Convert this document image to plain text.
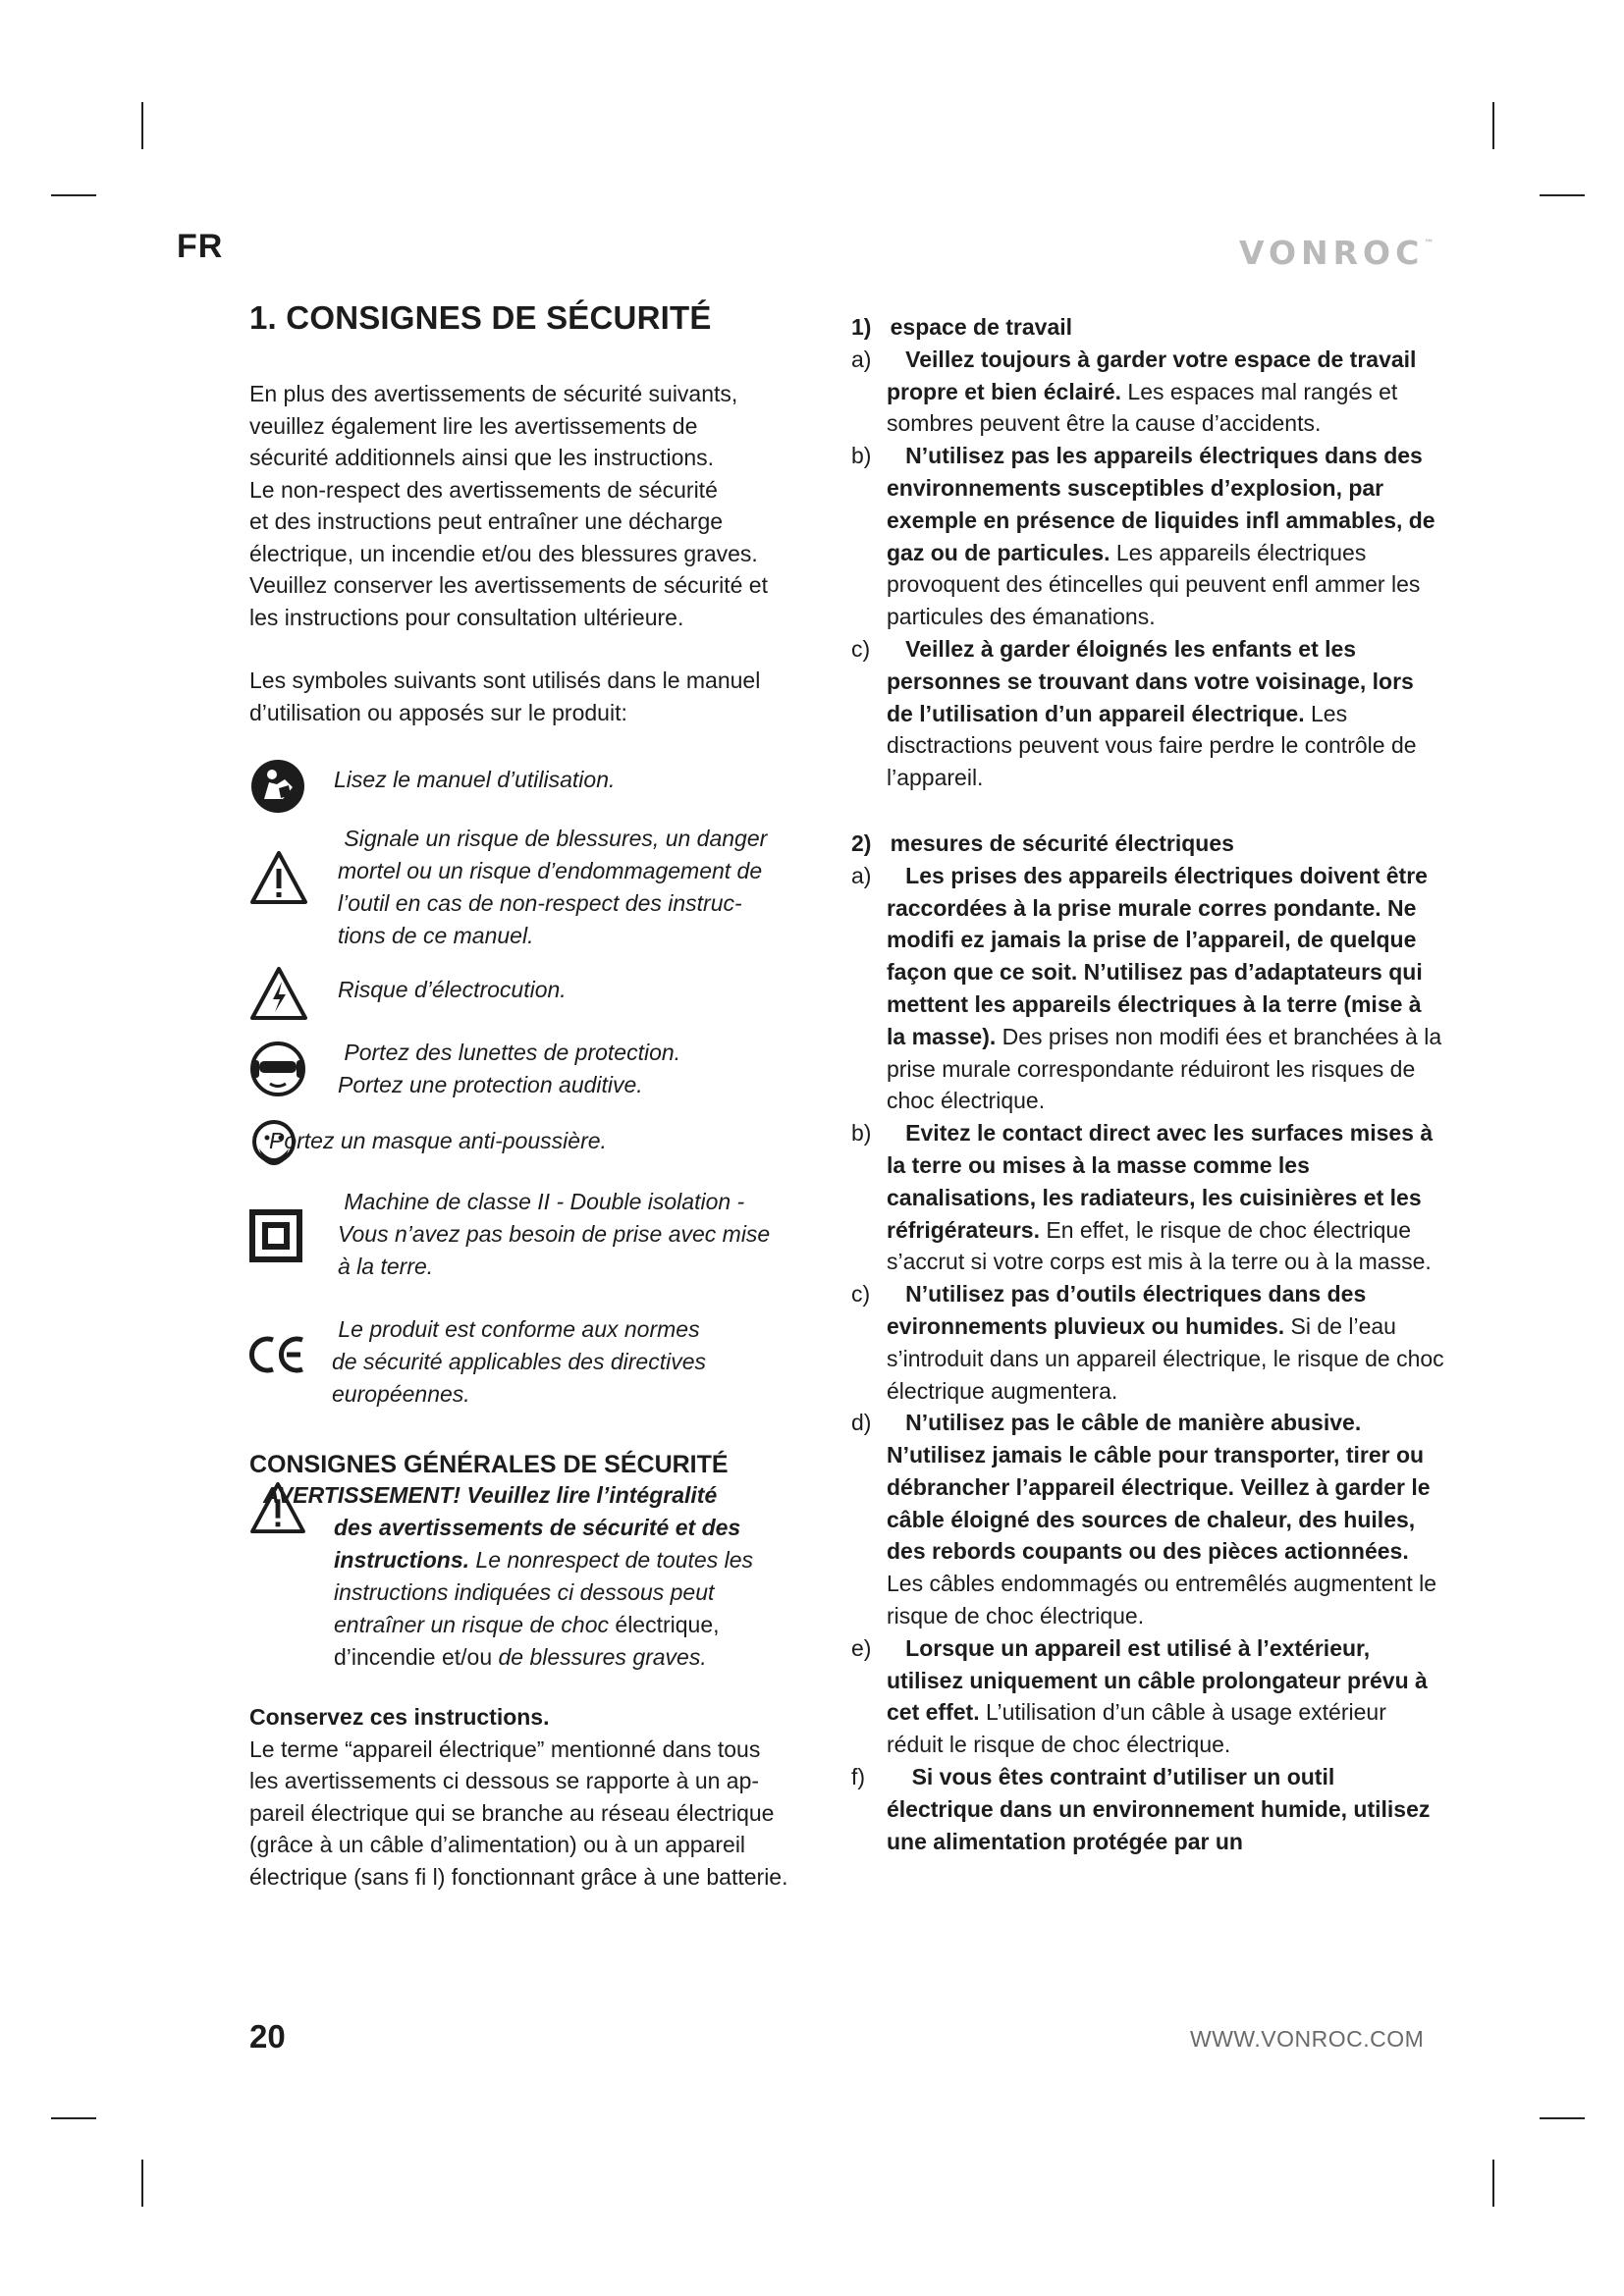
FR	VONROC™
1. CONSIGNES DE SÉCURITÉ

En plus des avertissements de sécurité suivants,

veuillez également lire les avertissements de

sécurité additionnels ainsi que les instructions.

Le non-respect des avertissements de sécurité

et des instructions peut entraîner une décharge

électrique, un incendie et/ou des blessures graves.

Veuillez conserver les avertissements de sécurité et

les instructions pour consultation ultérieure.

Les symboles suivants sont utilisés dans le manuel

d’utilisation ou apposés sur le produit:

Lisez le manuel d’utilisation.
Signale un risque de blessures, un danger
mortel ou un risque d’endommagement de
l’outil en cas de non-respect des instruc-
tions de ce manuel.
Risque d’électrocution.
Portez des lunettes de protection.
Portez une protection auditive.
Portez un masque anti-poussière.
Machine de classe II - Double isolation -
Vous n’avez pas besoin de prise avec mise
à la terre.
Le produit est conforme aux normes
de sécurité applicables des directives
européennes.
CONSIGNES GÉNÉRALES DE SÉCURITÉ
AVERTISSEMENT! Veuillez lire l’intégralité
des avertissements de sécurité et des
instructions. Le nonrespect de toutes les
instructions indiquées ci dessous peut
entraîner un risque de choc électrique,
d’incendie et/ou de blessures graves.

Conservez ces instructions.

Le terme “appareil électrique” mentionné dans tous

les avertissements ci dessous se rapporte à un ap-

pareil électrique qui se branche au réseau électrique

(grâce à un câble d’alimentation) ou à un appareil

électrique (sans fi l) fonctionnant grâce à une batterie.

1)   espace de travail

a) Veillez toujours à garder votre espace de travail propre et bien éclairé. Les espaces mal rangés et sombres peuvent être la cause d’accidents.
b) N’utilisez pas les appareils électriques dans des environnements susceptibles d’explosion, par exemple en présence de liquides infl ammables, de gaz ou de particules. Les appareils électriques provoquent des étincelles qui peuvent enfl ammer les particules des émanations.
c) Veillez à garder éloignés les enfants et les personnes se trouvant dans votre voisinage, lors de l’utilisation d’un appareil électrique. Les disctractions peuvent vous faire perdre le contrôle de l’appareil.

2)   mesures de sécurité électriques

a) Les prises des appareils électriques doivent être raccordées à la prise murale corres pondante. Ne modifi ez jamais la prise de l’appareil, de quelque façon que ce soit. N’utilisez pas d’adaptateurs qui mettent les appareils électriques à la terre (mise à la masse). Des prises non modifi ées et branchées à la prise murale correspondante réduiront les risques de choc électrique.
b) Evitez le contact direct avec les surfaces mises à la terre ou mises à la masse comme les canalisations, les radiateurs, les cuisinières et les réfrigérateurs. En effet, le risque de choc électrique s’accrut si votre corps est mis à la terre ou à la masse.
c) N’utilisez pas d’outils électriques dans des evironnements pluvieux ou humides. Si de l’eau s’introduit dans un appareil électrique, le risque de choc électrique augmentera.
d) N’utilisez pas le câble de manière abusive. N’utilisez jamais le câble pour transporter, tirer ou débrancher l’appareil électrique. Veillez à garder le câble éloigné des sources de chaleur, des huiles, des rebords coupants ou des pièces actionnées. Les câbles endommagés ou entremêlés augmentent le risque de choc électrique.
e) Lorsque un appareil est utilisé à l’extérieur, utilisez uniquement un câble prolongateur prévu à cet effet. L’utilisation d’un câble à usage extérieur réduit le risque de choc électrique.
f) Si vous êtes contraint d’utiliser un outil électrique dans un environnement humide, utilisez une alimentation protégée par un
20	WWW.VONROC.COM
